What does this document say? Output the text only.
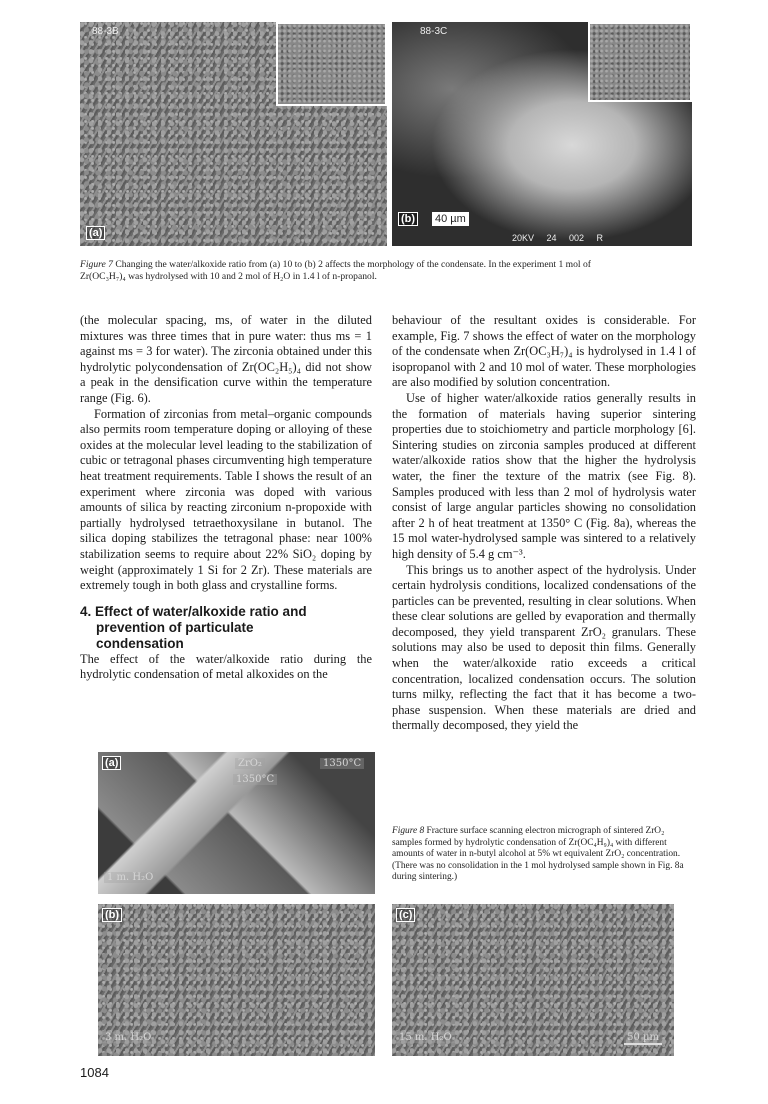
88-3B
(a)
88-3C
(b) 40 µm
20KV     24     002     R
Figure 7 Changing the water/alkoxide ratio from (a) 10 to (b) 2 affects the morphology of the condensate. In the experiment 1 mol of
Zr(OC₃H₇)₄ was hydrolysed with 10 and 2 mol of H₂O in 1.4 l of n-propanol.

(the molecular spacing, ms, of water in the diluted mixtures was three times that in pure water: thus ms = 1 against ms = 3 for water). The zirconia obtained under this hydrolytic polycondensation of Zr(OC₂H₅)₄ did not show a peak in the densification curve within the temperature range (Fig. 6).

Formation of zirconias from metal–organic compounds also permits room temperature doping or alloying of these oxides at the molecular level leading to the stabilization of cubic or tetragonal phases circumventing high temperature heat treatment requirements. Table I shows the result of an experiment where zirconia was doped with various amounts of silica by reacting zirconium n-propoxide with partially hydrolysed tetraethoxysilane in butanol. The silica doping stabilizes the tetragonal phase: near 100% stabilization seems to require about 22% SiO₂ doping by weight (approximately 1 Si for 2 Zr). These materials are extremely tough in both glass and crystalline forms.

4. Effect of water/alkoxide ratio and
prevention of particulate
condensation

The effect of the water/alkoxide ratio during the hydrolytic condensation of metal alkoxides on the

behaviour of the resultant oxides is considerable. For example, Fig. 7 shows the effect of water on the morphology of the condensate when Zr(OC₃H₇)₄ is hydrolysed in 1.4 l of isopropanol with 2 and 10 mol of water. These morphologies are also modified by solution concentration.

Use of higher water/alkoxide ratios generally results in the formation of materials having superior sintering properties due to stoichiometry and particle morphology [6]. Sintering studies on zirconia samples produced at different water/alkoxide ratios show that the higher the hydrolysis water, the finer the texture of the matrix (see Fig. 8). Samples produced with less than 2 mol of hydrolysis water consist of large angular particles showing no consolidation after 2 h of heat treatment at 1350° C (Fig. 8a), whereas the 15 mol water-hydrolysed sample was sintered to a relatively high density of 5.4 g cm⁻³.

This brings us to another aspect of the hydrolysis. Under certain hydrolysis conditions, localized condensations of the particles can be prevented, resulting in clear solutions. When these clear solutions are gelled by evaporation and thermally decomposed, they yield transparent ZrO₂ granulars. These solutions may also be used to deposit thin films. Generally when the water/alkoxide ratio exceeds a critical concentration, localized condensation occurs. The solution turns milky, reflecting the fact that it has become a two-phase suspension. When these materials are dried and thermally decomposed, they yield the

(a)	ZrO₂
1350°C
1350°C
1 m. H₂O
(b)
3 m. H₂O
(c)
15 m. H₂O	50 µm
Figure 8 Fracture surface scanning electron micrograph of sintered ZrO₂ samples formed by hydrolytic condensation of Zr(OC₄H₉)₄ with different amounts of water in n-butyl alcohol at 5% wt equivalent ZrO₂ concentration. (There was no consolidation in the 1 mol hydrolysed sample shown in Fig. 8a during sintering.)
1084
